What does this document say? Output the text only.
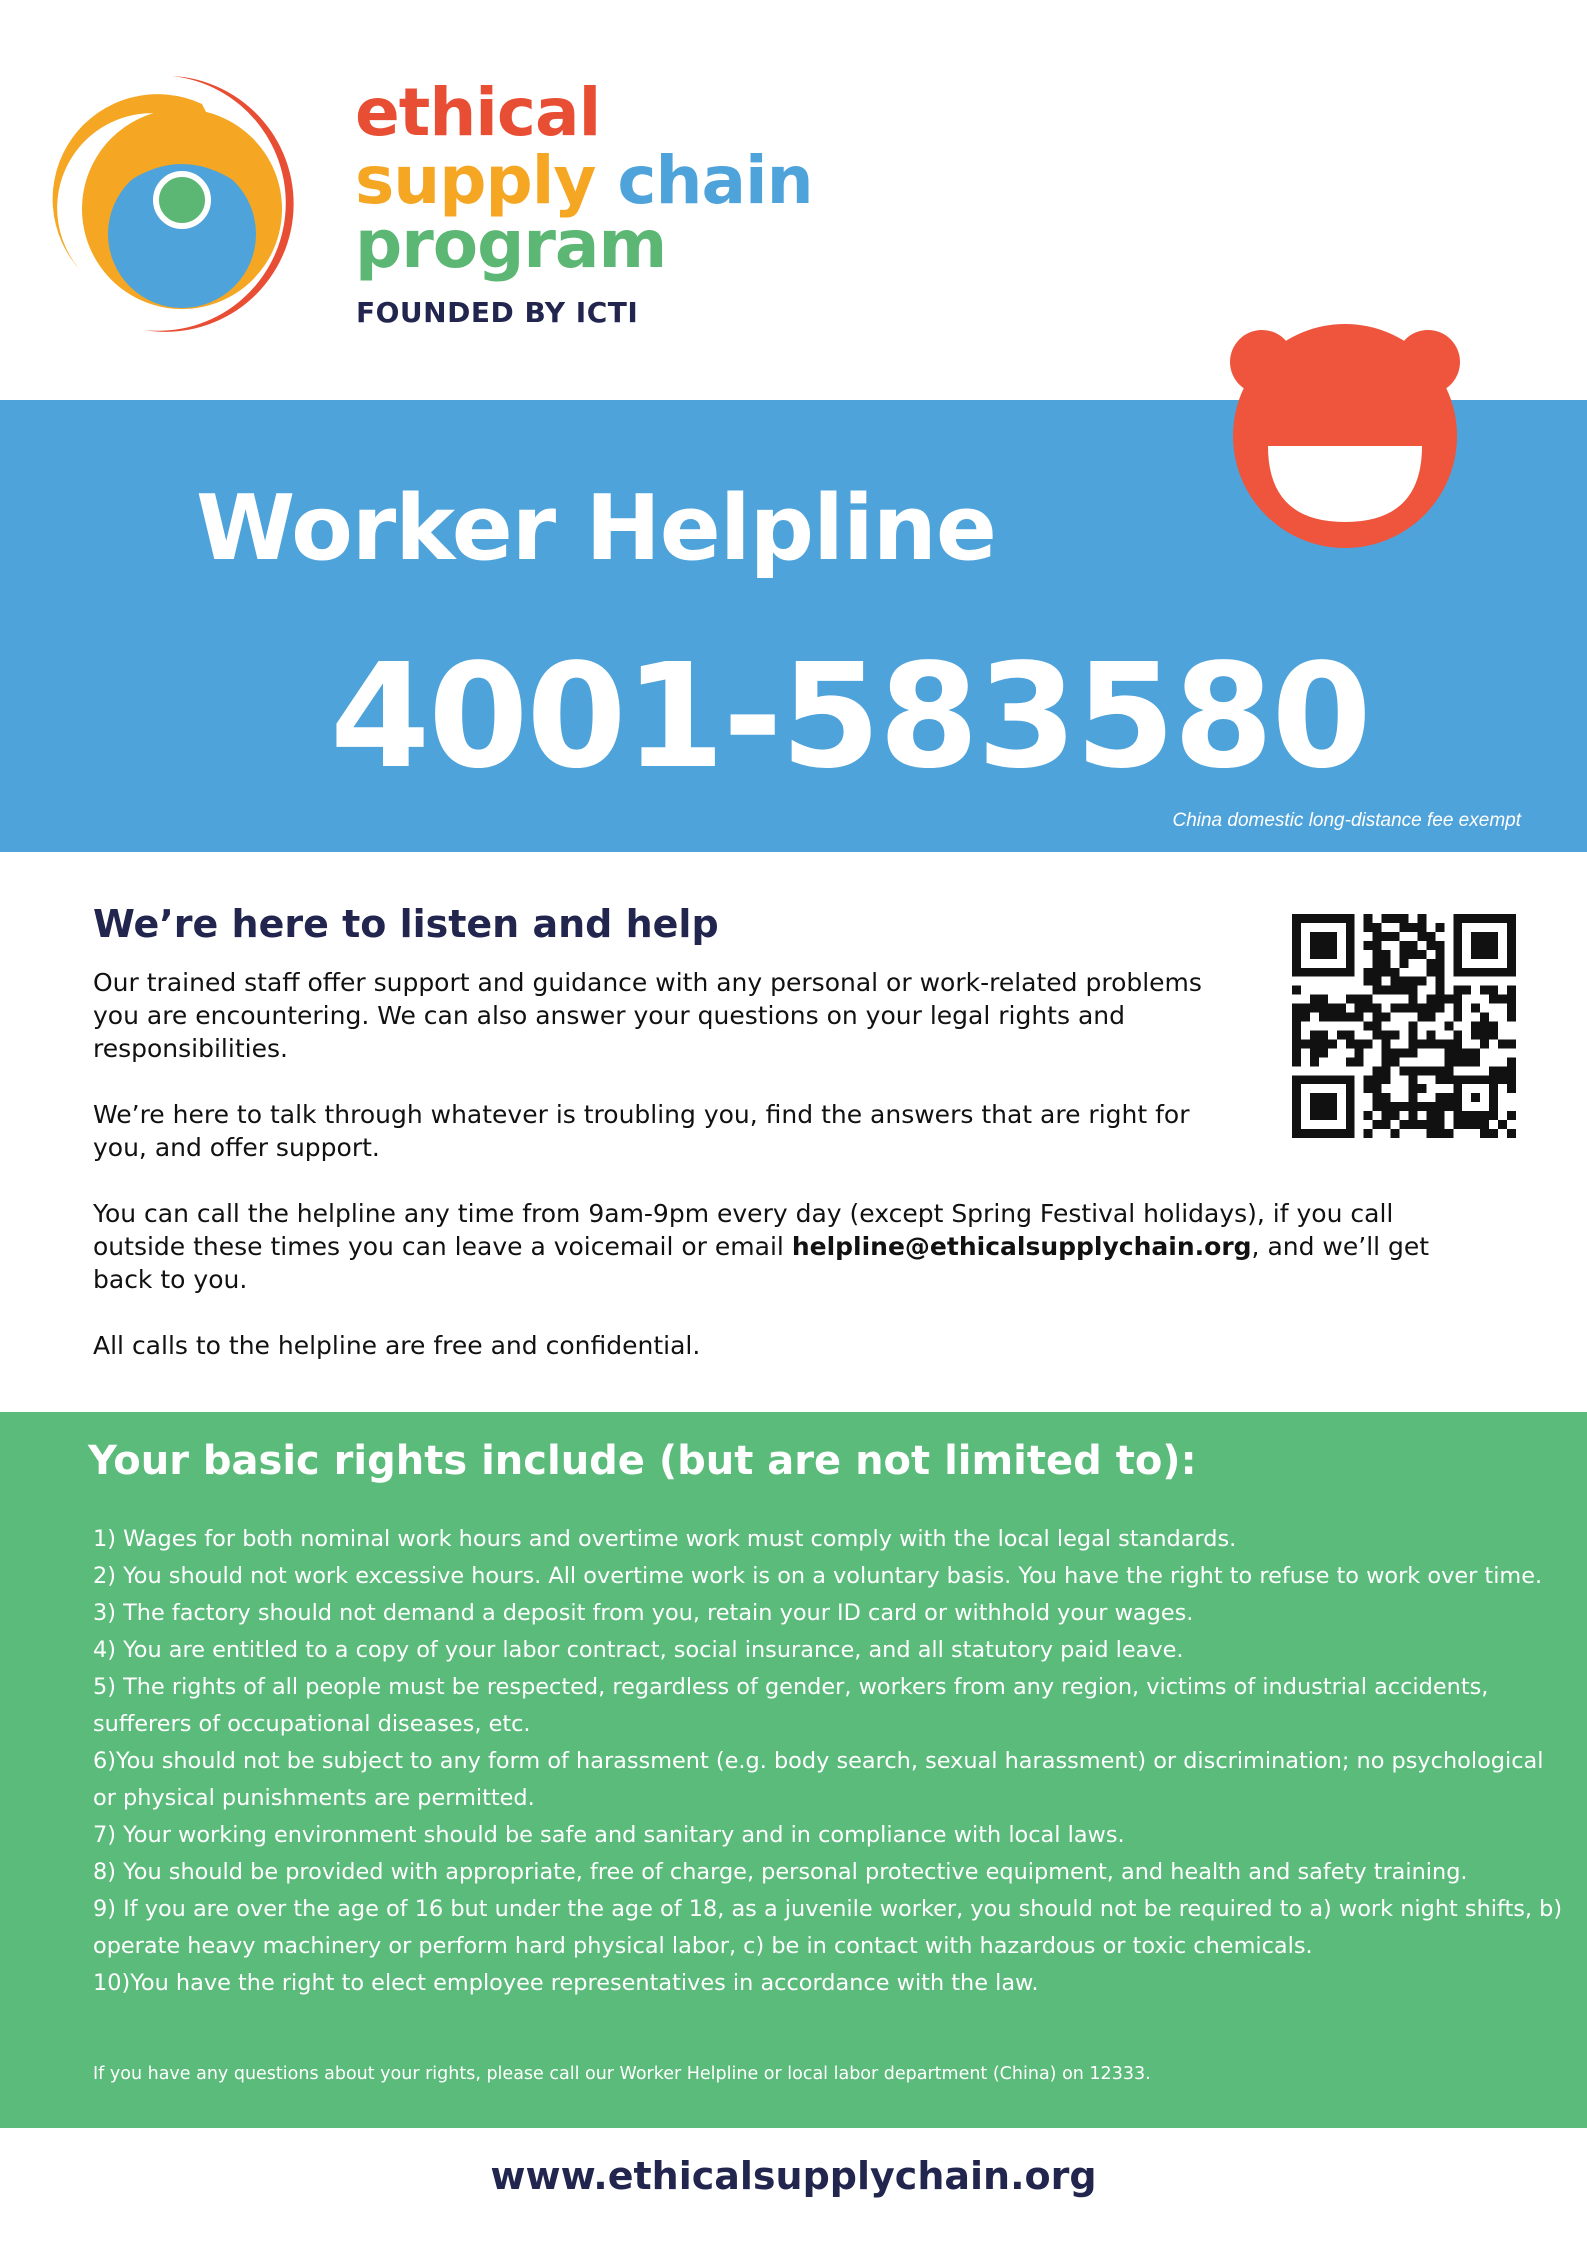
ethical
supply chain
program
FOUNDED BY ICTI
Worker Helpline
4001-583580
China domestic long-distance fee exempt
We’re here to listen and help

Our trained staff offer support and guidance with any personal or work-related problems you are encountering. We can also answer your questions on your legal rights and responsibilities.

We’re here to talk through whatever is troubling you, find the answers that are right for you, and offer support.

You can call the helpline any time from 9am-9pm every day (except Spring Festival holidays), if you call outside these times you can leave a voicemail or email helpline@ethicalsupplychain.org, and we’ll get back to you.

All calls to the helpline are free and confidential.

Your basic rights include (but are not limited to):
1) Wages for both nominal work hours and overtime work must comply with the local legal standards.
2) You should not work excessive hours. All overtime work is on a voluntary basis. You have the right to refuse to work over time.
3) The factory should not demand a deposit from you, retain your ID card or withhold your wages.
4) You are entitled to a copy of your labor contract, social insurance, and all statutory paid leave.
5) The rights of all people must be respected, regardless of gender, workers from any region, victims of industrial accidents, sufferers of occupational diseases, etc.
6)You should not be subject to any form of harassment (e.g. body search, sexual harassment) or discrimination; no psychological or physical punishments are permitted.
7) Your working environment should be safe and sanitary and in compliance with local laws.
8) You should be provided with appropriate, free of charge, personal protective equipment, and health and safety training.
9) If you are over the age of 16 but under the age of 18, as a juvenile worker, you should not be required to a) work night shifts, b) operate heavy machinery or perform hard physical labor, c) be in contact with hazardous or toxic chemicals.
10)You have the right to elect employee representatives in accordance with the law.
If you have any questions about your rights, please call our Worker Helpline or local labor department (China) on 12333.
www.ethicalsupplychain.org
